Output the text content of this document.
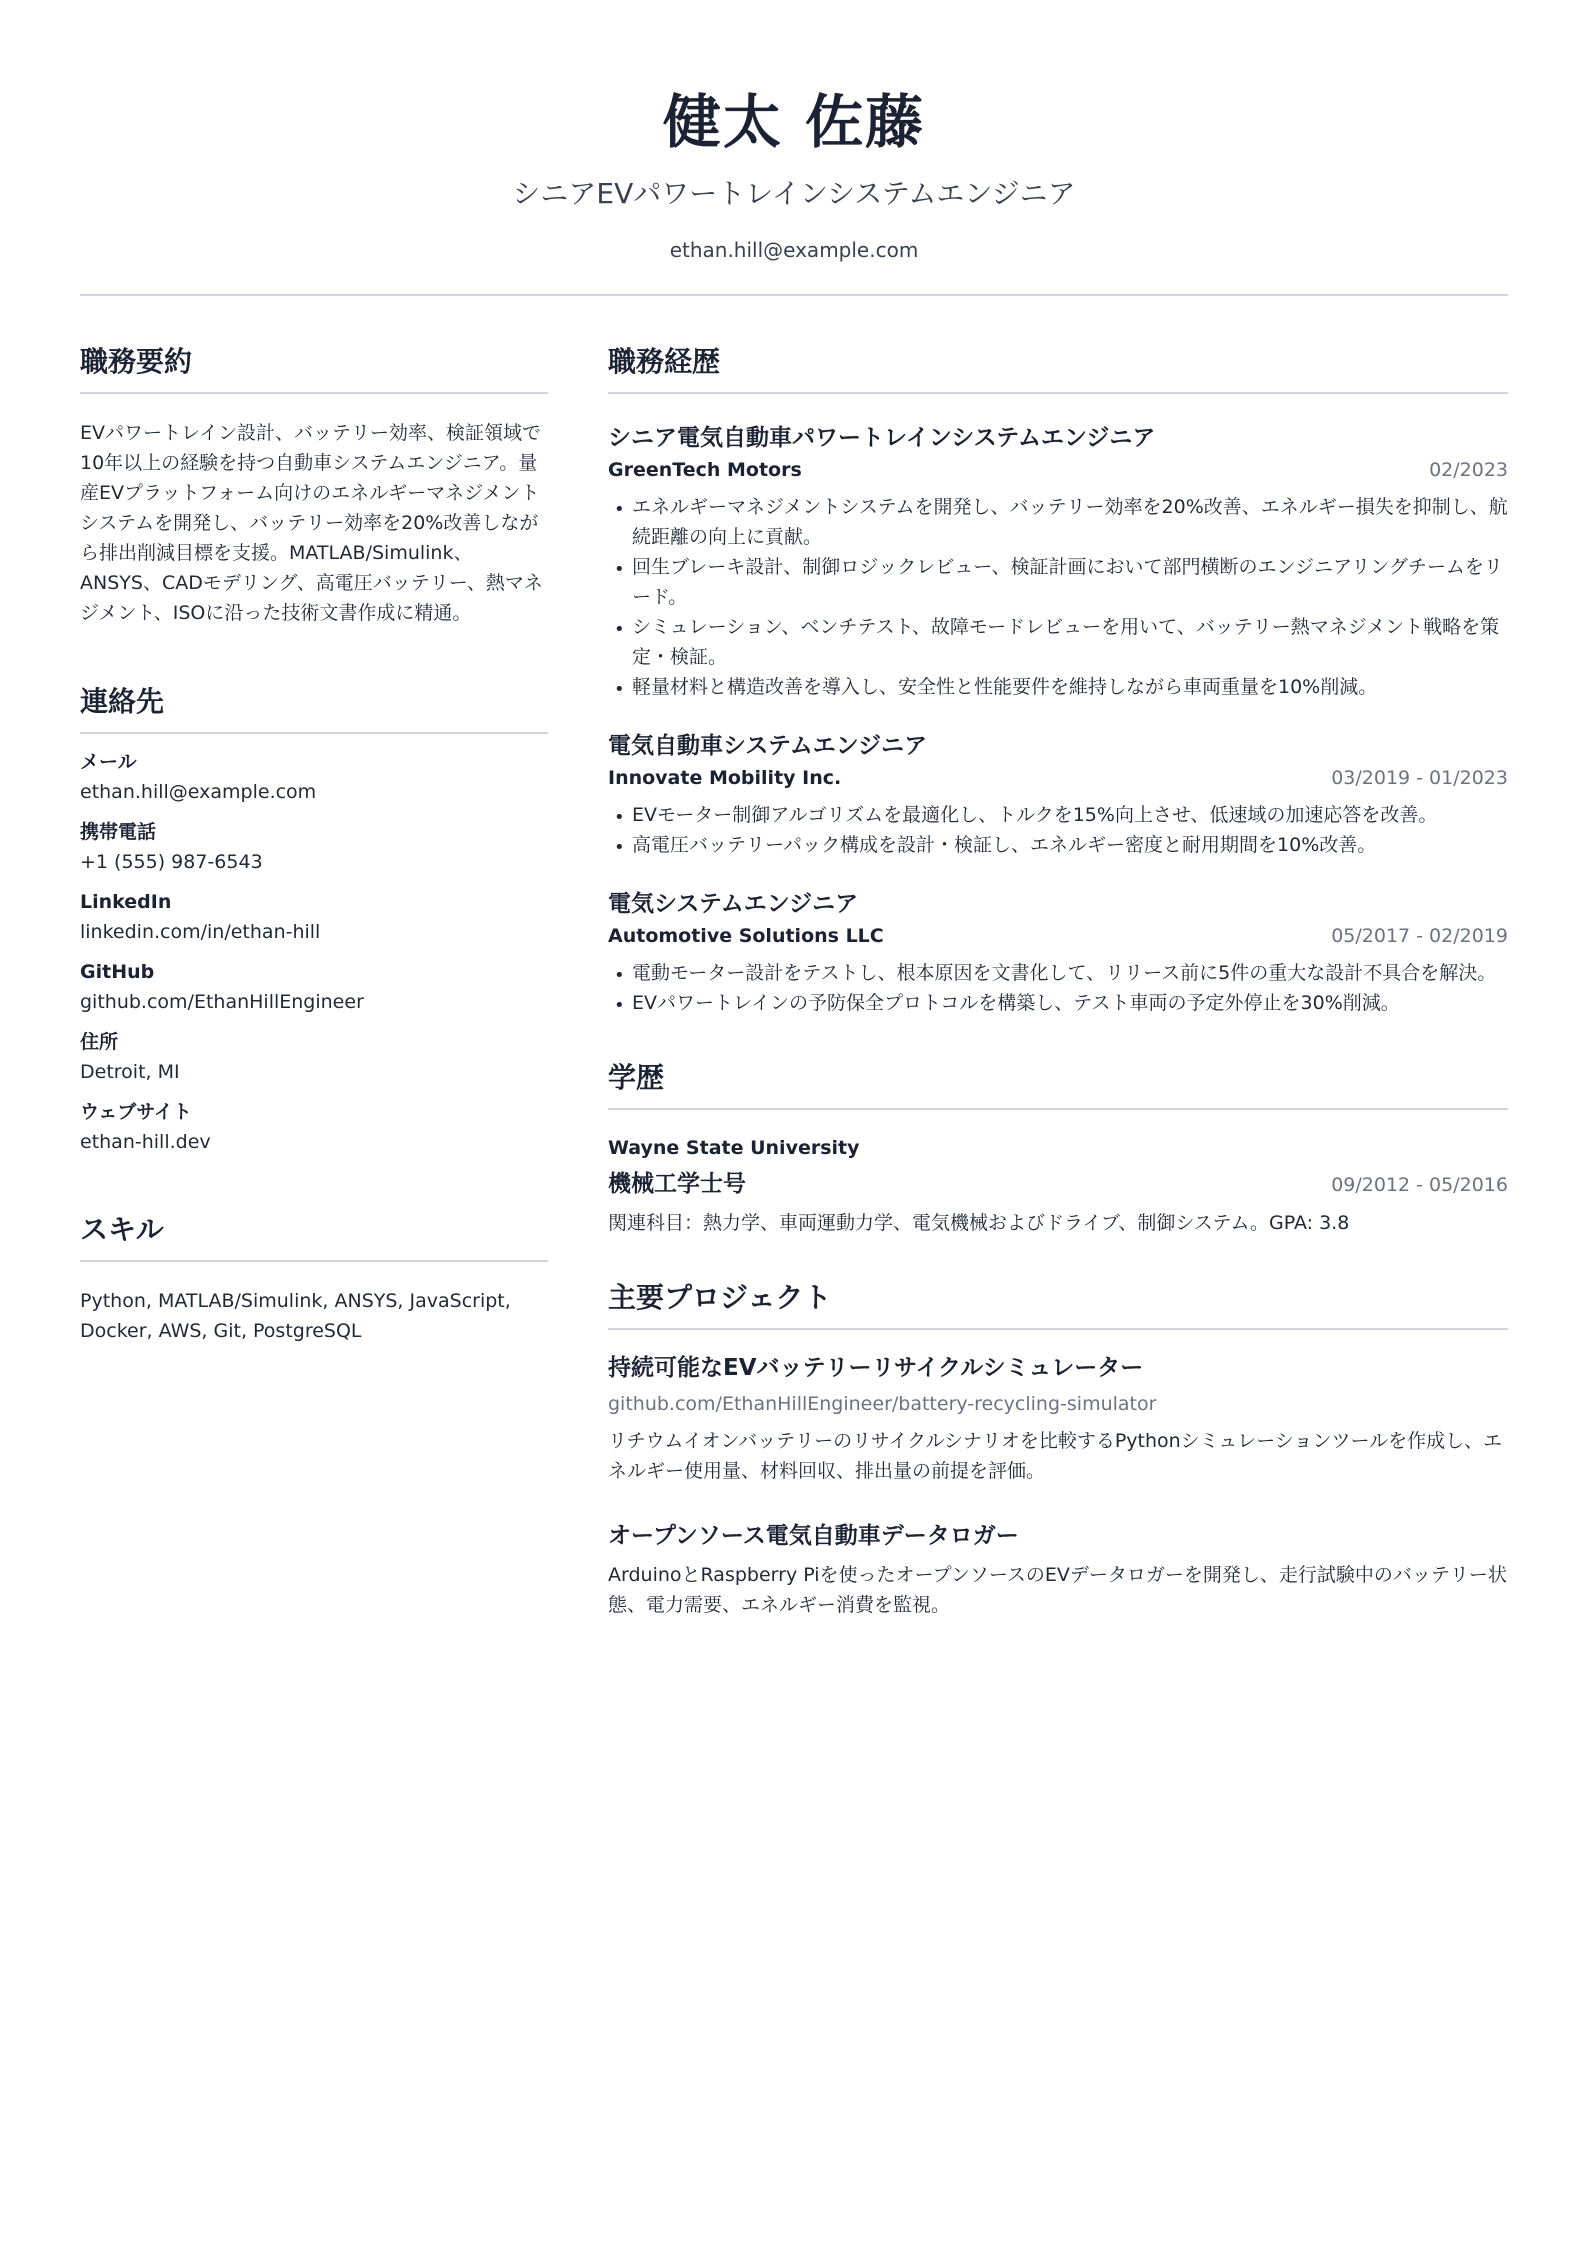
健太 佐藤
シニアEVパワートレインシステムエンジニア
ethan.hill@example.com
職務要約
EVパワートレイン設計、バッテリー効率、検証領域で10年以上の経験を持つ自動車システムエンジニア。量産EVプラットフォーム向けのエネルギーマネジメントシステムを開発し、バッテリー効率を20%改善しながら排出削減目標を支援。MATLAB/Simulink、ANSYS、CADモデリング、高電圧バッテリー、熱マネジメント、ISOに沿った技術文書作成に精通。
連絡先
メール
ethan.hill@example.com
携帯電話
+1 (555) 987-6543
LinkedIn
linkedin.com/in/ethan-hill
GitHub
github.com/EthanHillEngineer
住所
Detroit, MI
ウェブサイト
ethan-hill.dev
スキル
Python, MATLAB/Simulink, ANSYS, JavaScript, Docker, AWS, Git, PostgreSQL
職務経歴
シニア電気自動車パワートレインシステムエンジニア
GreenTech Motors	02/2023
• エネルギーマネジメントシステムを開発し、バッテリー効率を20%改善、エネルギー損失を抑制し、航続距離の向上に貢献。
• 回生ブレーキ設計、制御ロジックレビュー、検証計画において部門横断のエンジニアリングチームをリード。
• シミュレーション、ベンチテスト、故障モードレビューを用いて、バッテリー熱マネジメント戦略を策定・検証。
• 軽量材料と構造改善を導入し、安全性と性能要件を維持しながら車両重量を10%削減。
電気自動車システムエンジニア
Innovate Mobility Inc.	03/2019 - 01/2023
• EVモーター制御アルゴリズムを最適化し、トルクを15%向上させ、低速域の加速応答を改善。
• 高電圧バッテリーパック構成を設計・検証し、エネルギー密度と耐用期間を10%改善。
電気システムエンジニア
Automotive Solutions LLC	05/2017 - 02/2019
• 電動モーター設計をテストし、根本原因を文書化して、リリース前に5件の重大な設計不具合を解決。
• EVパワートレインの予防保全プロトコルを構築し、テスト車両の予定外停止を30%削減。
学歴
Wayne State University
機械工学士号	09/2012 - 05/2016
関連科目：熱力学、車両運動力学、電気機械およびドライブ、制御システム。GPA: 3.8
主要プロジェクト
持続可能なEVバッテリーリサイクルシミュレーター
github.com/EthanHillEngineer/battery-recycling-simulator
リチウムイオンバッテリーのリサイクルシナリオを比較するPythonシミュレーションツールを作成し、エネルギー使用量、材料回収、排出量の前提を評価。
オープンソース電気自動車データロガー
ArduinoとRaspberry Piを使ったオープンソースのEVデータロガーを開発し、走行試験中のバッテリー状態、電力需要、エネルギー消費を監視。
